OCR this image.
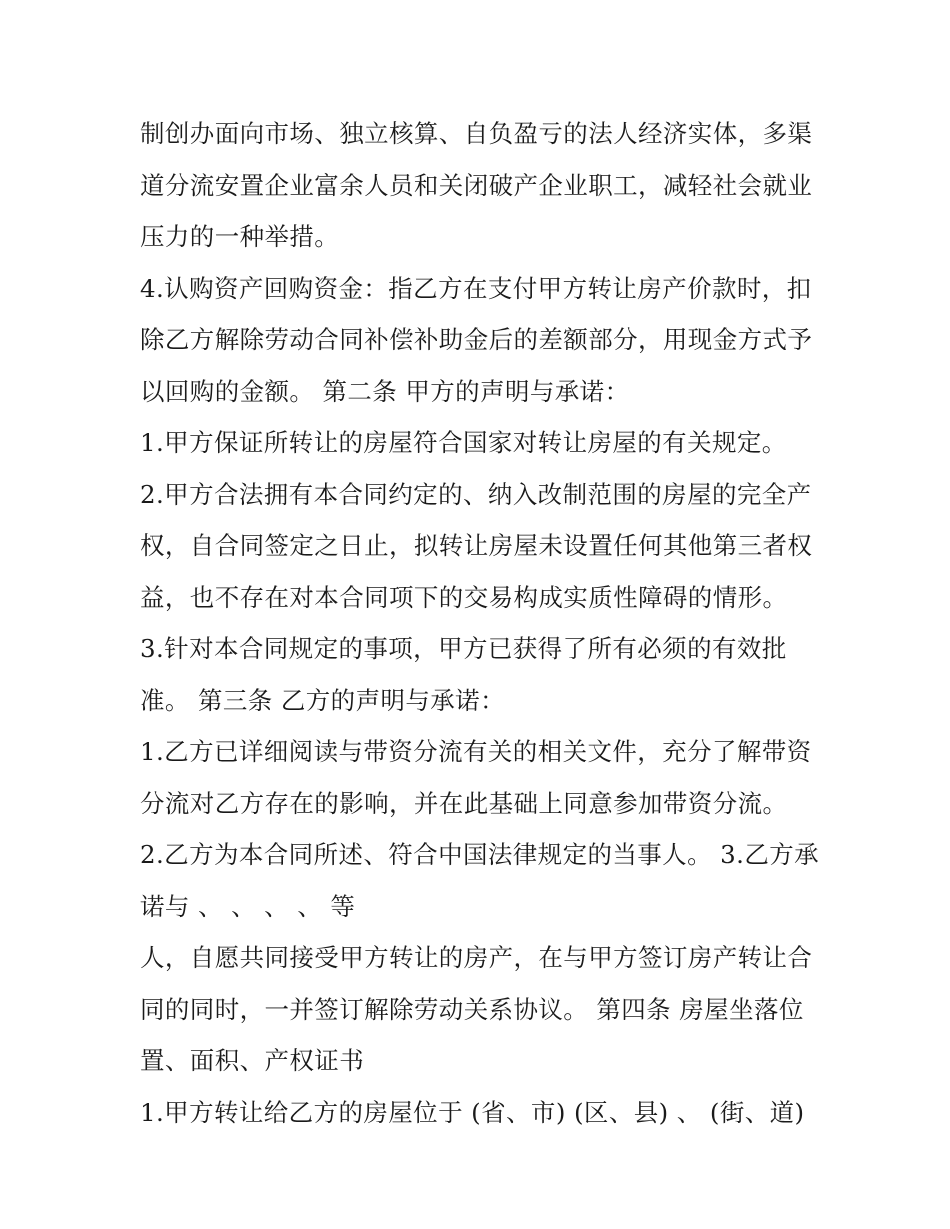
制创办面向市场、独立核算、自负盈亏的法人经济实体，多渠
道分流安置企业富余人员和关闭破产企业职工，减轻社会就业
压力的一种举措。
4.认购资产回购资金：指乙方在支付甲方转让房产价款时，扣
除乙方解除劳动合同补偿补助金后的差额部分，用现金方式予
以回购的金额。 第二条 甲方的声明与承诺：
1.甲方保证所转让的房屋符合国家对转让房屋的有关规定。
2.甲方合法拥有本合同约定的、纳入改制范围的房屋的完全产
权，自合同签定之日止，拟转让房屋未设置任何其他第三者权
益，也不存在对本合同项下的交易构成实质性障碍的情形。
3.针对本合同规定的事项，甲方已获得了所有必须的有效批
准。 第三条 乙方的声明与承诺：
1.乙方已详细阅读与带资分流有关的相关文件，充分了解带资
分流对乙方存在的影响，并在此基础上同意参加带资分流。
2.乙方为本合同所述、符合中国法律规定的当事人。 3.乙方承
诺与 、 、 、 、 等
人，自愿共同接受甲方转让的房产，在与甲方签订房产转让合
同的同时，一并签订解除劳动关系协议。 第四条 房屋坐落位
置、面积、产权证书
1.甲方转让给乙方的房屋位于 (省、市) (区、县) 、 (街、道)
